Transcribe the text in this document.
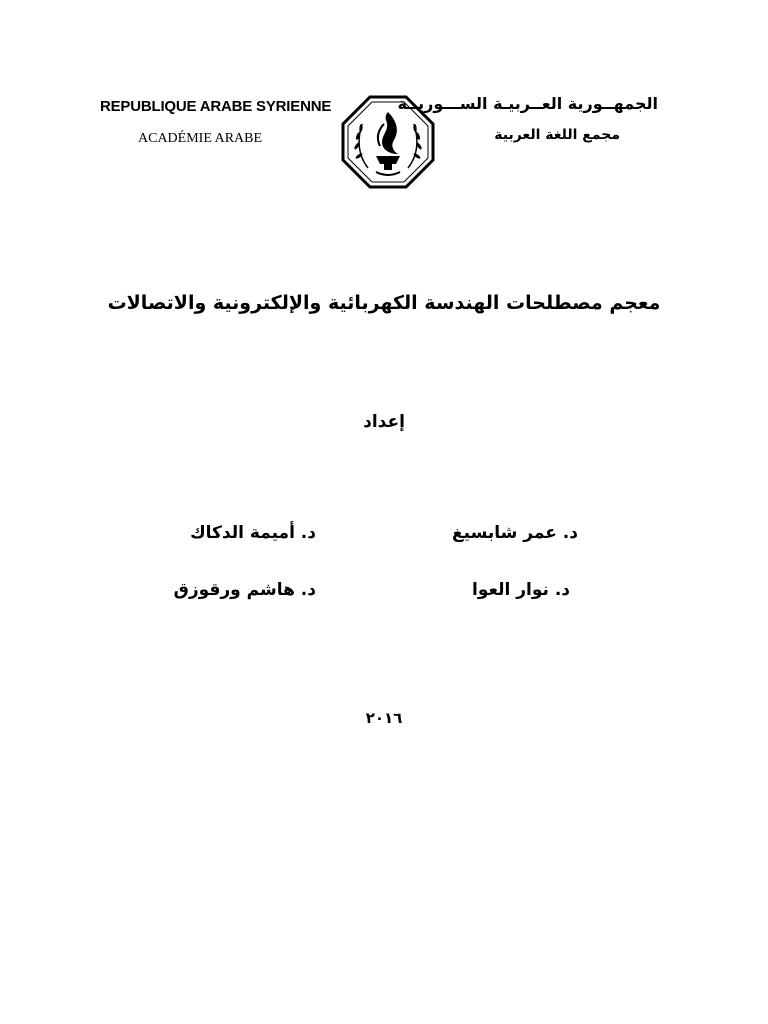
REPUBLIQUE ARABE SYRIENNE
ACADÉMIE ARABE
الجمهــورية العــربيـة الســـوريــة
مجمع اللغة العربية
معجم مصطلحات الهندسة الكهربائية والإلكترونية والاتصالات
إعداد
د. عمر شابسيغ
د. أميمة الدكاك
د. نوار العوا
د. هاشم ورقوزق
٢٠١٦
